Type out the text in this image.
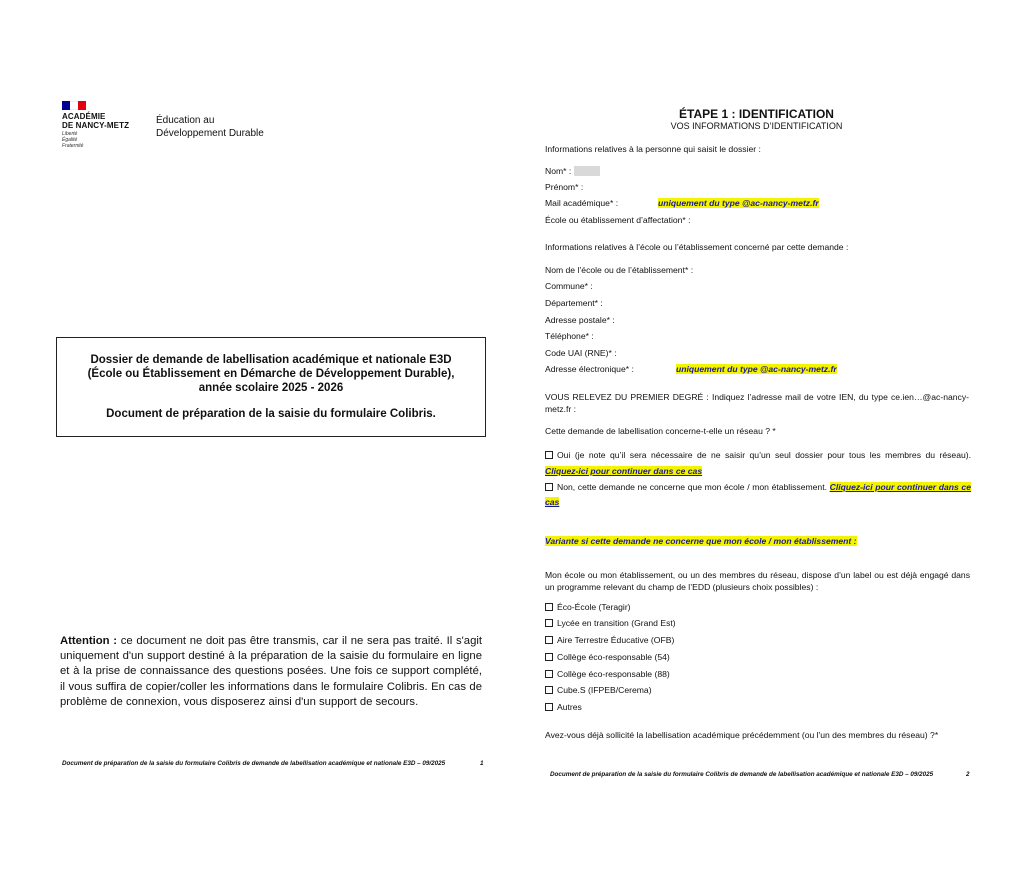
ACADÉMIE
DE NANCY-METZ
Liberté
Égalité
Fraternité
Éducation au
Développement Durable
Dossier de demande de labellisation académique et nationale E3D
(École ou Établissement en Démarche de Développement Durable),
année scolaire 2025 - 2026
Document de préparation de la saisie du formulaire Colibris.
Attention : ce document ne doit pas être transmis, car il ne sera pas traité. Il s'agit uniquement d'un support destiné à la préparation de la saisie du formulaire en ligne et à la prise de connaissance des questions posées. Une fois ce support complété, il vous suffira de copier/coller les informations dans le formulaire Colibris. En cas de problème de connexion, vous disposerez ainsi d'un support de secours.
Document de préparation de la saisie du formulaire Colibris de demande de labellisation académique et nationale E3D – 09/2025	1
ÉTAPE 1 : IDENTIFICATION
VOS INFORMATIONS D’IDENTIFICATION
Informations relatives à la personne qui saisit le dossier :
Nom* :
Prénom* :
Mail académique* :	uniquement du type @ac-nancy-metz.fr
École ou établissement d’affectation* :
Informations relatives à l’école ou l’établissement concerné par cette demande :
Nom de l’école ou de l’établissement* :
Commune* :
Département* :
Adresse postale* :
Téléphone* :
Code UAI (RNE)* :
Adresse électronique* :	uniquement du type @ac-nancy-metz.fr
VOUS RELEVEZ DU PREMIER DEGRÉ : Indiquez l’adresse mail de votre IEN, du type ce.ien…@ac-nancy-metz.fr :
Cette demande de labellisation concerne-t-elle un réseau ? *
Oui (je note qu’il sera nécessaire de ne saisir qu’un seul dossier pour tous les membres du réseau). Cliquez-ici pour continuer dans ce cas
Non, cette demande ne concerne que mon école / mon établissement. Cliquez-ici pour continuer dans ce cas
Variante si cette demande ne concerne que mon école / mon établissement :
Mon école ou mon établissement, ou un des membres du réseau, dispose d’un label ou est déjà engagé dans un programme relevant du champ de l’EDD (plusieurs choix possibles) :
Éco-École (Teragir)
Lycée en transition (Grand Est)
Aire Terrestre Éducative (OFB)
Collège éco-responsable (54)
Collège éco-responsable (88)
Cube.S (IFPEB/Cerema)
Autres
Avez-vous déjà sollicité la labellisation académique précédemment (ou l'un des membres du réseau) ?*
Document de préparation de la saisie du formulaire Colibris de demande de labellisation académique et nationale E3D – 09/2025	2
